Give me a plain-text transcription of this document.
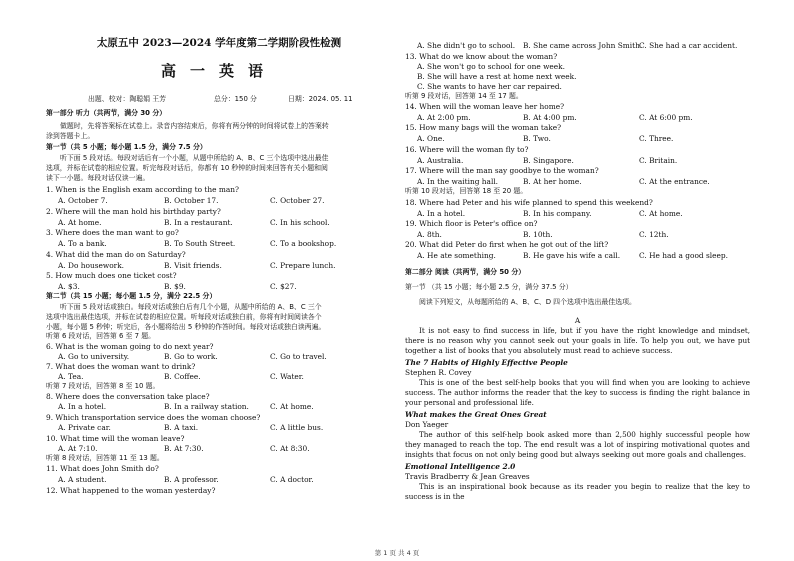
太原五中 2023—2024 学年度第二学期阶段性检测
高一英语
出题、校对：陶聪娟 王芳	总分：150 分	日期：2024. 05. 11
第一部分 听力（共两节，满分 30 分）
做题时，先将答案标在试卷上。录音内容结束后，你将有两分钟的时间将试卷上的答案转
涂到答题卡上。
第一节（共 5 小题；每小题 1.5 分，满分 7.5 分）
听下面 5 段对话。每段对话后有一个小题，从题中所给的 A、B、C 三个选项中选出最佳
选项，并标在试卷的相应位置。听完每段对话后，你都有 10 秒钟的时间来回答有关小题和阅
读下一小题。每段对话仅读一遍。
1. When is the English exam according to the man?
A. October 7.	B. October 17.	C. October 27.
2. Where will the man hold his birthday party?
A. At home.	B. In a restaurant.	C. In his school.
3. Where does the man want to go?
A. To a bank.	B. To South Street.	C. To a bookshop.
4. What did the man do on Saturday?
A. Do housework.	B. Visit friends.	C. Prepare lunch.
5. How much does one ticket cost?
A. $3.	B. $9.	C. $27.
第二节（共 15 小题；每小题 1.5 分，满分 22.5 分）
听下面 5 段对话或独白。每段对话或独白后有几个小题，从题中所给的 A、B、C 三个
选项中选出最佳选项，并标在试卷的相应位置。听每段对话或独白前，你将有时间阅读各个
小题，每小题 5 秒钟；听完后，各小题将给出 5 秒钟的作答时间。每段对话或独白读两遍。
听第 6 段对话，回答第 6 至 7 题。
6. What is the woman going to do next year?
A. Go to university.	B. Go to work.	C. Go to travel.
7. What does the woman want to drink?
A. Tea.	B. Coffee.	C. Water.
听第 7 段对话，回答第 8 至 10 题。
8. Where does the conversation take place?
A. In a hotel.	B. In a railway station.	C. At home.
9. Which transportation service does the woman choose?
A. Private car.	B. A taxi.	C. A little bus.
10. What time will the woman leave?
A. At 7:10.	B. At 7:30.	C. At 8:30.
听第 8 段对话，回答第 11 至 13 题。
11. What does John Smith do?
A. A student.	B. A professor.	C. A doctor.
12. What happened to the woman yesterday?
A. She didn't go to school. B. She came across John Smith.
C. She had a car accident.
13. What do we know about the woman?
A. She won't go to school for one week.
B. She will have a rest at home next week.
C. She wants to have her car repaired.
听第 9 段对话，回答第 14 至 17 题。
14. When will the woman leave her home?
A. At 2:00 pm.	B. At 4:00 pm.	C. At 6:00 pm.
15. How many bags will the woman take?
A. One.	B. Two.	C. Three.
16. Where will the woman fly to?
A. Australia.	B. Singapore.	C. Britain.
17. Where will the man say goodbye to the woman?
A. In the waiting hall.	B. At her home.	C. At the entrance.
听第 10 段对话，回答第 18 至 20 题。
18. Where had Peter and his wife planned to spend this weekend?
A. In a hotel.	B. In his company.	C. At home.
19. Which floor is Peter's office on?
A. 8th.	B. 10th.	C. 12th.
20. What did Peter do first when he got out of the lift?
A. He ate something.	B. He gave his wife a call.	C. He had a good sleep.
第二部分 阅读（共两节，满分 50 分）
第一节 （共 15 小题；每小题 2.5 分，满分 37.5 分）
阅读下列短文，从每题所给的 A、B、C、D 四个选项中选出最佳选项。
A
It is not easy to find success in life, but if you have the right knowledge and mindset, there is no reason why you cannot seek out your goals in life. To help you out, we have put together a list of books that you absolutely must read to achieve success.
The 7 Habits of Highly Effective People
Stephen R. Covey
This is one of the best self-help books that you will find when you are looking to achieve success. The author informs the reader that the key to success is finding the right balance in your personal and professional life.
What makes the Great Ones Great
Don Yaeger
The author of this self-help book asked more than 2,500 highly successful people how they managed to reach the top. The end result was a lot of inspiring motivational quotes and insights that focus on not only being good but always seeking out more goals and challenges.
Emotional Intelligence 2.0
Travis Bradberry & Jean Greaves
This is an inspirational book because as its reader you begin to realize that the key to success is in the
第 1 页 共 4 页
